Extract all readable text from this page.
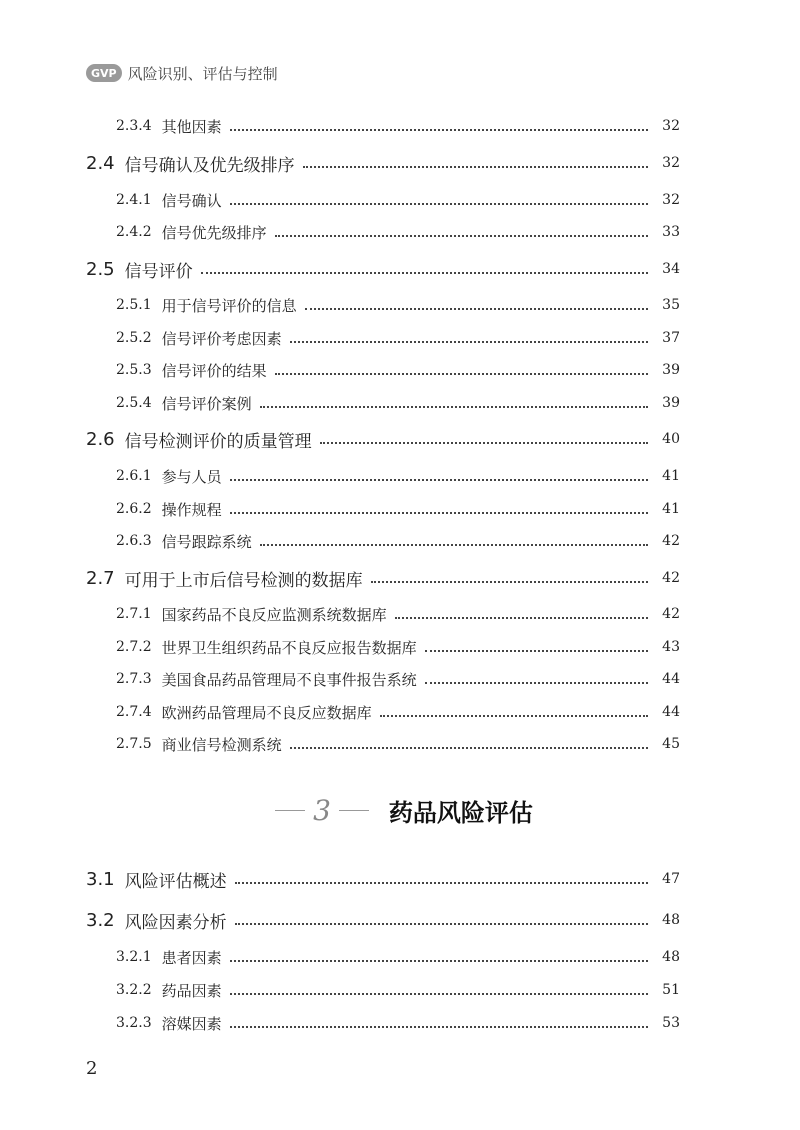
GVP 风险识别、评估与控制
2.3.4 其他因素	32
2.4 信号确认及优先级排序	32
2.4.1 信号确认	32
2.4.2 信号优先级排序	33
2.5 信号评价	34
2.5.1 用于信号评价的信息	35
2.5.2 信号评价考虑因素	37
2.5.3 信号评价的结果	39
2.5.4 信号评价案例	39
2.6 信号检测评价的质量管理	40
2.6.1 参与人员	41
2.6.2 操作规程	41
2.6.3 信号跟踪系统	42
2.7 可用于上市后信号检测的数据库	42
2.7.1 国家药品不良反应监测系统数据库	42
2.7.2 世界卫生组织药品不良反应报告数据库	43
2.7.3 美国食品药品管理局不良事件报告系统	44
2.7.4 欧洲药品管理局不良反应数据库	44
2.7.5 商业信号检测系统	45
3 药品风险评估
3.1 风险评估概述	47
3.2 风险因素分析	48
3.2.1 患者因素	48
3.2.2 药品因素	51
3.2.3 溶媒因素	53
2
